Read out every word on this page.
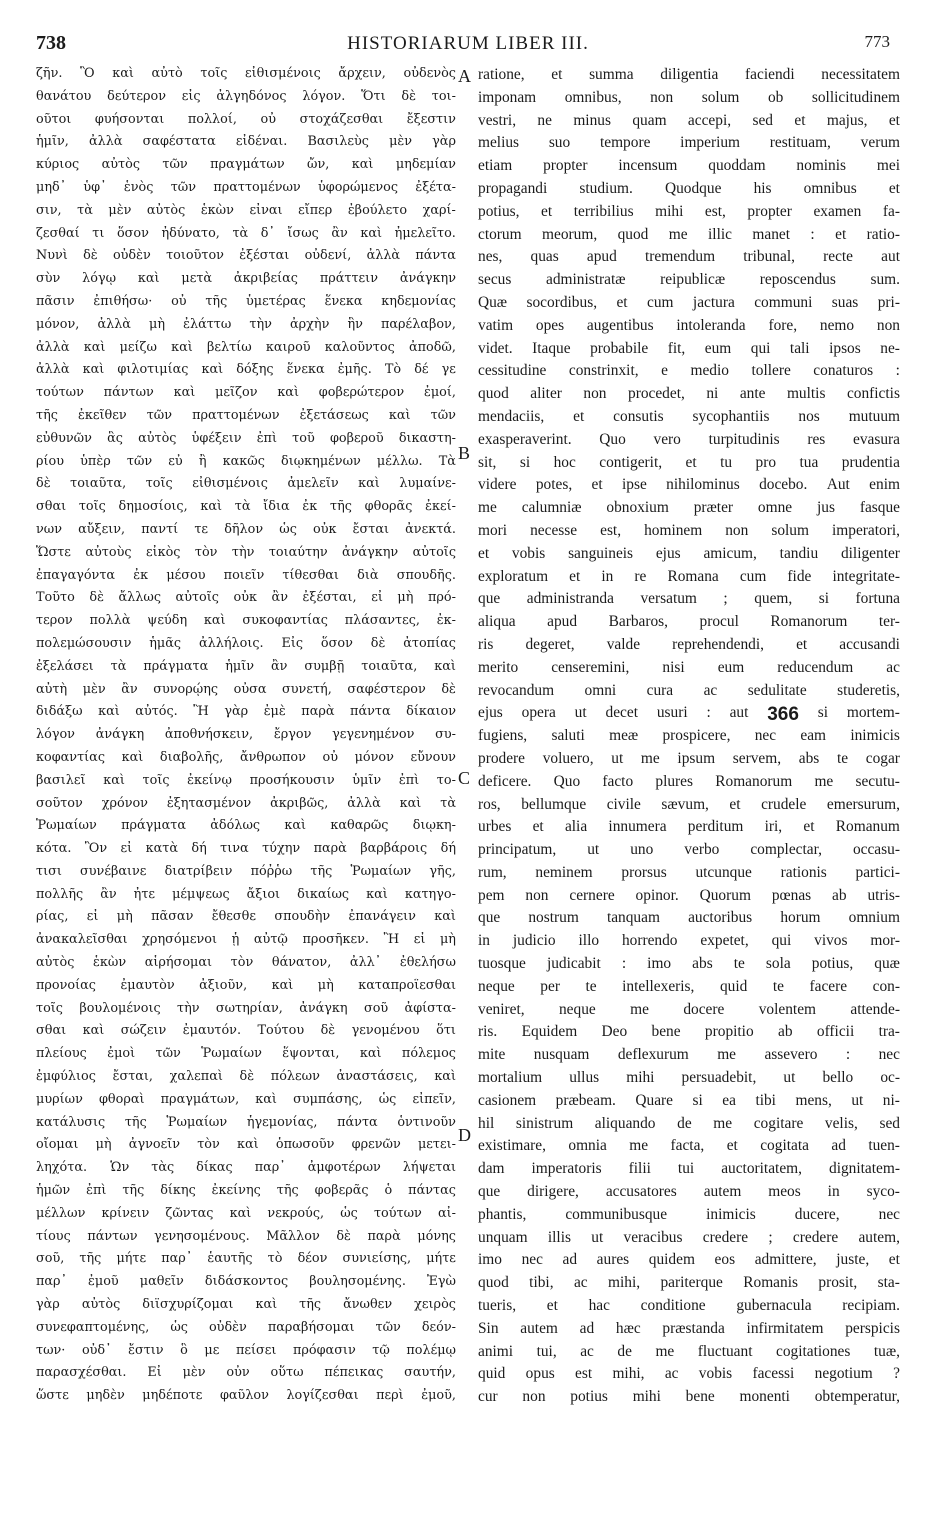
738	HISTORIARUM LIBER III.	773
ζῆν. Ὃ καὶ αὐτὸ τοῖς εἰθισμένοις ἄρχειν, οὐδενὸς
θανάτου δεύτερον εἰς ἀλγηδόνος λόγον. Ὅτι δὲ τοι-
οῦτοι φυήσονται πολλοί, οὐ στοχάζεσθαι ἔξεστιν
ἡμῖν, ἀλλὰ σαφέστατα εἰδέναι. Βασιλεὺς μὲν γὰρ
κύριος αὐτὸς τῶν πραγμάτων ὤν, καὶ μηδεμίαν
μηδ᾽ ὑφ᾽ ἑνὸς τῶν πραττομένων ὑφορώμενος ἐξέτα-
σιν, τὰ μὲν αὐτὸς ἑκὼν εἶναι εἴπερ ἐβούλετο χαρί-
ζεσθαί τι ὅσον ἠδύνατο, τὰ δ᾽ ἴσως ἂν καὶ ἠμελεῖτο.
Νυνὶ δὲ οὐδὲν τοιοῦτον ἐξέσται οὐδενί, ἀλλὰ πάντα
σὺν λόγῳ καὶ μετὰ ἀκριβείας πράττειν ἀνάγκην
πᾶσιν ἐπιθήσω· οὐ τῆς ὑμετέρας ἕνεκα κηδεμονίας
μόνον, ἀλλὰ μὴ ἐλάττω τὴν ἀρχὴν ἣν παρέλαβον,
ἀλλὰ καὶ μείζω καὶ βελτίω καιροῦ καλοῦντος ἀποδῶ,
ἀλλὰ καὶ φιλοτιμίας καὶ δόξης ἕνεκα ἐμῆς. Τὸ δέ γε
τούτων πάντων καὶ μεῖζον καὶ φοβερώτερον ἐμοί,
τῆς ἐκεῖθεν τῶν πραττομένων ἐξετάσεως καὶ τῶν
εὐθυνῶν ἃς αὐτὸς ὑφέξειν ἐπὶ τοῦ φοβεροῦ δικαστη-
ρίου ὑπὲρ τῶν εὖ ἢ κακῶς διῳκημένων μέλλω. Τὰ
δὲ τοιαῦτα, τοῖς εἰθισμένοις ἀμελεῖν καὶ λυμαίνε-
σθαι τοῖς δημοσίοις, καὶ τὰ ἴδια ἐκ τῆς φθορᾶς ἐκεί-
νων αὔξειν, παντί τε δῆλον ὡς οὐκ ἔσται ἀνεκτά.
Ὥστε αὐτοὺς εἰκὸς τὸν τὴν τοιαύτην ἀνάγκην αὐτοῖς
ἐπαγαγόντα ἐκ μέσου ποιεῖν τίθεσθαι διὰ σπουδῆς.
Τοῦτο δὲ ἄλλως αὐτοῖς οὐκ ἂν ἐξέσται, εἰ μὴ πρό-
τερον πολλὰ ψεύδη καὶ συκοφαντίας πλάσαντες, ἐκ-
πολεμώσουσιν ἡμᾶς ἀλλήλοις. Εἰς ὅσον δὲ ἀτοπίας
ἐξελάσει τὰ πράγματα ἡμῖν ἂν συμβῇ τοιαῦτα, καὶ
αὐτὴ μὲν ἂν συνορῴης οὖσα συνετή, σαφέστερον δὲ
διδάξω καὶ αὐτός. Ἢ γὰρ ἐμὲ παρὰ πάντα δίκαιον
λόγον ἀνάγκη ἀποθνήσκειν, ἔργον γεγενημένον συ-
κοφαντίας καὶ διαβολῆς, ἄνθρωπον οὐ μόνον εὔνουν
βασιλεῖ καὶ τοῖς ἐκείνῳ προσήκουσιν ὑμῖν ἐπὶ το-
σοῦτον χρόνον ἐξητασμένον ἀκριβῶς, ἀλλὰ καὶ τὰ
Ῥωμαίων πράγματα ἀδόλως καὶ καθαρῶς διῳκη-
κότα. Ὃν εἰ κατὰ δή τινα τύχην παρὰ βαρβάροις δή
τισι συνέβαινε διατρίβειν πόῤῥω τῆς Ῥωμαίων γῆς,
πολλῆς ἂν ἦτε μέμψεως ἄξιοι δικαίως καὶ κατηγο-
ρίας, εἰ μὴ πᾶσαν ἔθεσθε σπουδὴν ἐπανάγειν καὶ
ἀνακαλεῖσθαι χρησόμενοι ᾗ αὐτῷ προσῆκεν. Ἢ εἰ μὴ
αὐτὸς ἑκὼν αἱρήσομαι τὸν θάνατον, ἀλλ᾽ ἐθελήσω
προνοίας ἐμαυτὸν ἀξιοῦν, καὶ μὴ καταπροΐεσθαι
τοῖς βουλομένοις τὴν σωτηρίαν, ἀνάγκη σοῦ ἀφίστα-
σθαι καὶ σώζειν ἐμαυτόν. Τούτου δὲ γενομένου ὅτι
πλείους ἐμοὶ τῶν Ῥωμαίων ἕψονται, καὶ πόλεμος
ἐμφύλιος ἔσται, χαλεπαὶ δὲ πόλεων ἀναστάσεις, καὶ
μυρίων φθοραὶ πραγμάτων, καὶ συμπάσης, ὡς εἰπεῖν,
κατάλυσις τῆς Ῥωμαίων ἡγεμονίας, πάντα ὁντινοῦν
οἴομαι μὴ ἀγνοεῖν τὸν καὶ ὁπωσοῦν φρενῶν μετει-
ληχότα. Ὧν τὰς δίκας παρ᾽ ἀμφοτέρων λήψεται
ἡμῶν ἐπὶ τῆς δίκης ἐκείνης τῆς φοβερᾶς ὁ πάντας
μέλλων κρίνειν ζῶντας καὶ νεκρούς, ὡς τούτων αἰ-
τίους πάντων γενησομένους. Μᾶλλον δὲ παρὰ μόνης
σοῦ, τῆς μήτε παρ᾽ ἑαυτῆς τὸ δέον συνιείσης, μήτε
παρ᾽ ἐμοῦ μαθεῖν διδάσκοντος βουλησομένης. Ἐγὼ
γὰρ αὐτὸς διϊσχυρίζομαι καὶ τῆς ἄνωθεν χειρὸς
συνεφαπτομένης, ὡς οὐδὲν παραβήσομαι τῶν δεόν-
των· οὐδ᾽ ἔστιν ὃ με πείσει πρόφασιν τῷ πολέμῳ
παρασχέσθαι. Εἰ μὲν οὖν οὕτω πέπεικας σαυτήν,
ὥστε μηδὲν μηδέποτε φαῦλον λογίζεσθαι περὶ ἐμοῦ,
ratione, et summa diligentia faciendi necessitatem
imponam omnibus, non solum ob sollicitudinem
vestri, ne minus quam accepi, sed et majus, et
melius suo tempore imperium restituam, verum
etiam propter incensum quoddam nominis mei
propagandi studium. Quodque his omnibus et
potius, et terribilius mihi est, propter examen fa-
ctorum meorum, quod me illic manet : et ratio-
nes, quas apud tremendum tribunal, recte aut
secus administratæ reipublicæ reposcendus sum.
Quæ socordibus, et cum jactura communi suas pri-
vatim opes augentibus intoleranda fore, nemo non
videt. Itaque probabile fit, eum qui tali ipsos ne-
cessitudine constrinxit, e medio tollere conaturos :
quod aliter non procedet, ni ante multis confictis
mendaciis, et consutis sycophantiis nos mutuum
exasperaverint. Quo vero turpitudinis res evasura
sit, si hoc contigerit, et tu pro tua prudentia
videre potes, et ipse nihilominus docebo. Aut enim
me calumniæ obnoxium præter omne jus fasque
mori necesse est, hominem non solum imperatori,
et vobis sanguineis ejus amicum, tandiu diligenter
exploratum et in re Romana cum fide integritate-
que administranda versatum ; quem, si fortuna
aliqua apud Barbaros, procul Romanorum ter-
ris degeret, valde reprehendendi, et accusandi
merito censeremini, nisi eum reducendum ac
revocandum omni cura ac sedulitate studeretis,
ejus opera ut decet usuri : aut 366 si mortem-
fugiens, saluti meæ prospicere, nec eam inimicis
prodere voluero, ut me ipsum servem, abs te cogar
deficere. Quo facto plures Romanorum me secutu-
ros, bellumque civile sævum, et crudele emersurum,
urbes et alia innumera perditum iri, et Romanum
principatum, ut uno verbo complectar, occasu-
rum, neminem prorsus utcunque rationis partici-
pem non cernere opinor. Quorum pœnas ab utris-
que nostrum tanquam auctoribus horum omnium
in judicio illo horrendo expetet, qui vivos mor-
tuosque judicabit : imo abs te sola potius, quæ
neque per te intellexeris, quid te facere con-
veniret, neque me docere volentem attende-
ris. Equidem Deo bene propitio ab officii tra-
mite nusquam deflexurum me assevero : nec
mortalium ullus mihi persuadebit, ut bello oc-
casionem præbeam. Quare si ea tibi mens, ut ni-
hil sinistrum aliquando de me cogitare velis, sed
existimare, omnia me facta, et cogitata ad tuen-
dam imperatoris filii tui auctoritatem, dignitatem-
que dirigere, accusatores autem meos in syco-
phantis,	communibusque	inimicis	ducere,	nec
unquam illis ut veracibus credere ; credere autem,
imo nec ad aures quidem eos admittere, juste, et
quod tibi, ac mihi, pariterque Romanis prosit, sta-
tueris, et hac conditione gubernacula recipiam.
Sin autem ad hæc præstanda infirmitatem perspicis
animi tui, ac de me fluctuant cogitationes tuæ,
quid opus est mihi, ac vobis facessi negotium ?
cur non potius mihi bene monenti obtemperatur,
A
B
C
D
